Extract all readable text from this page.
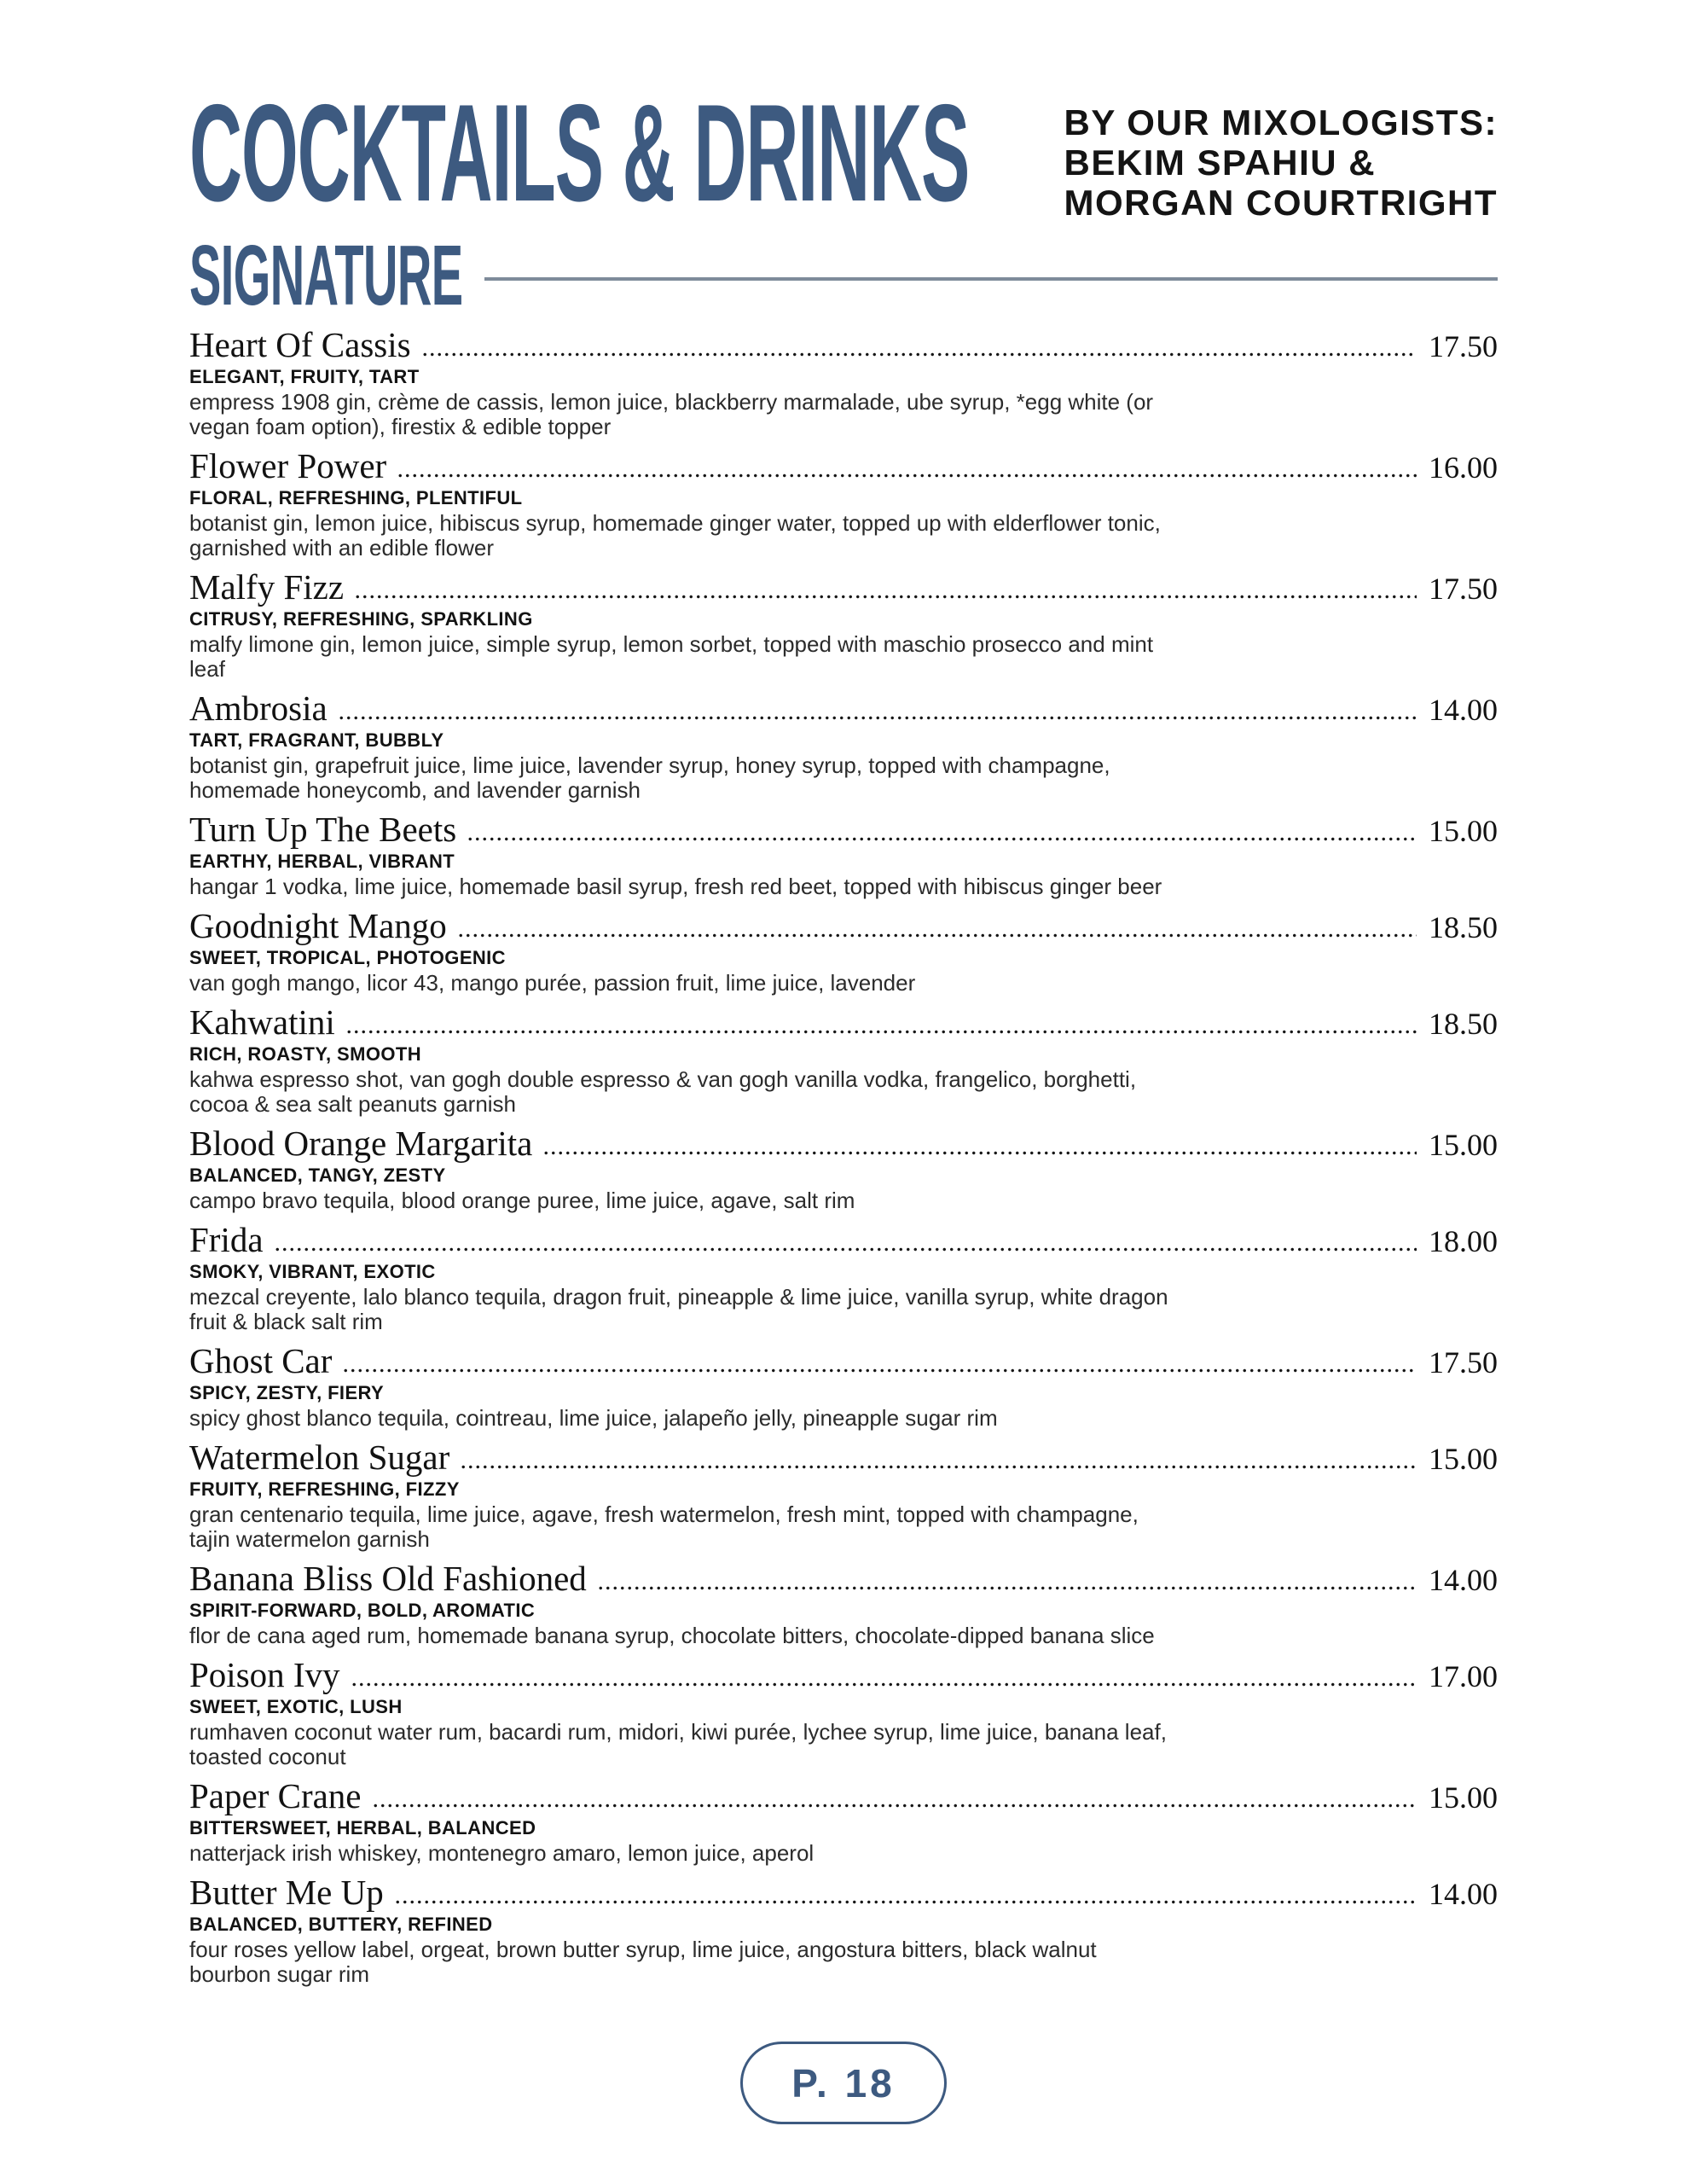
COCKTAILS & DRINKS	BY OUR MIXOLOGISTS:
BEKIM SPAHIU &
MORGAN COURTRIGHT
SIGNATURE
Heart Of Cassis	17.50
ELEGANT, FRUITY, TART
empress 1908 gin, crème de cassis, lemon juice, blackberry marmalade, ube syrup, *egg white (or vegan foam option), firestix & edible topper
Flower Power	16.00
FLORAL, REFRESHING, PLENTIFUL
botanist gin, lemon juice, hibiscus syrup, homemade ginger water, topped up with elderflower tonic, garnished with an edible flower
Malfy Fizz	17.50
CITRUSY, REFRESHING, SPARKLING
malfy limone gin, lemon juice, simple syrup, lemon sorbet, topped with maschio prosecco and mint leaf
Ambrosia	14.00
TART, FRAGRANT, BUBBLY
botanist gin, grapefruit juice, lime juice, lavender syrup, honey syrup, topped with champagne, homemade honeycomb, and lavender garnish
Turn Up The Beets	15.00
EARTHY, HERBAL, VIBRANT
hangar 1 vodka, lime juice, homemade basil syrup, fresh red beet, topped with hibiscus ginger beer
Goodnight Mango	18.50
SWEET, TROPICAL, PHOTOGENIC
van gogh mango, licor 43, mango purée, passion fruit, lime juice, lavender
Kahwatini	18.50
RICH, ROASTY, SMOOTH
kahwa espresso shot, van gogh double espresso & van gogh vanilla vodka, frangelico, borghetti, cocoa & sea salt peanuts garnish
Blood Orange Margarita	15.00
BALANCED, TANGY, ZESTY
campo bravo tequila, blood orange puree, lime juice, agave, salt rim
Frida	18.00
SMOKY, VIBRANT, EXOTIC
mezcal creyente, lalo blanco tequila, dragon fruit, pineapple & lime juice, vanilla syrup, white dragon fruit & black salt rim
Ghost Car	17.50
SPICY, ZESTY, FIERY
spicy ghost blanco tequila, cointreau, lime juice, jalapeño jelly, pineapple sugar rim
Watermelon Sugar	15.00
FRUITY, REFRESHING, FIZZY
gran centenario tequila, lime juice, agave, fresh watermelon, fresh mint, topped with champagne, tajin watermelon garnish
Banana Bliss Old Fashioned	14.00
SPIRIT-FORWARD, BOLD, AROMATIC
flor de cana aged rum, homemade banana syrup, chocolate bitters, chocolate-dipped banana slice
Poison Ivy	17.00
SWEET, EXOTIC, LUSH
rumhaven coconut water rum, bacardi rum, midori, kiwi purée, lychee syrup, lime juice, banana leaf, toasted coconut
Paper Crane	15.00
BITTERSWEET, HERBAL, BALANCED
natterjack irish whiskey, montenegro amaro, lemon juice, aperol
Butter Me Up	14.00
BALANCED, BUTTERY, REFINED
four roses yellow label, orgeat, brown butter syrup, lime juice, angostura bitters, black walnut bourbon sugar rim
P. 18
